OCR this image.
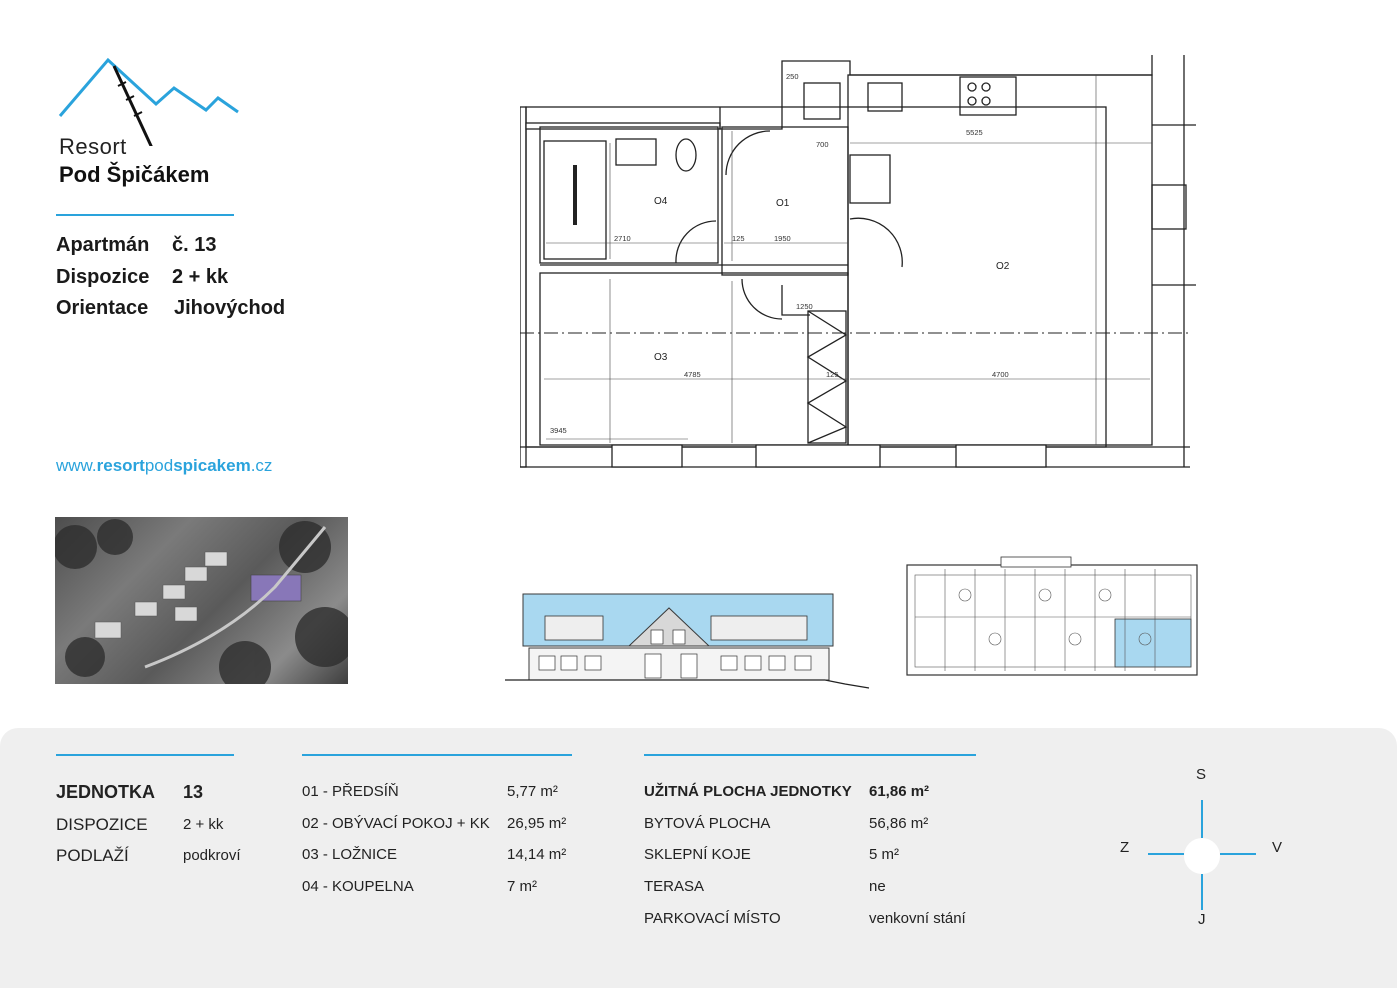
Resort
Pod Špičákem
Apartmán č. 13
Dispozice 2 + kk
Orientace Jihovýchod
www.resortpodspicakem.cz
5525
700
250
2710	125	1950
1250
4785	125	4700
3945
O1
O2
O3
O4
JEDNOTKA 13
DISPOZICE 2 + kk
PODLAŽÍ	podkroví
01 - PŘEDSÍŇ	5,77 m²
02 - OBÝVACÍ POKOJ + KK 26,95 m²
03 - LOŽNICE	14,14 m²
04 - KOUPELNA	7 m²
UŽITNÁ PLOCHA JEDNOTKY 61,86 m²
BYTOVÁ PLOCHA	56,86 m²
SKLEPNÍ KOJE	5 m²
TERASA	ne
PARKOVACÍ MÍSTO	venkovní stání
S
J
Z	V
